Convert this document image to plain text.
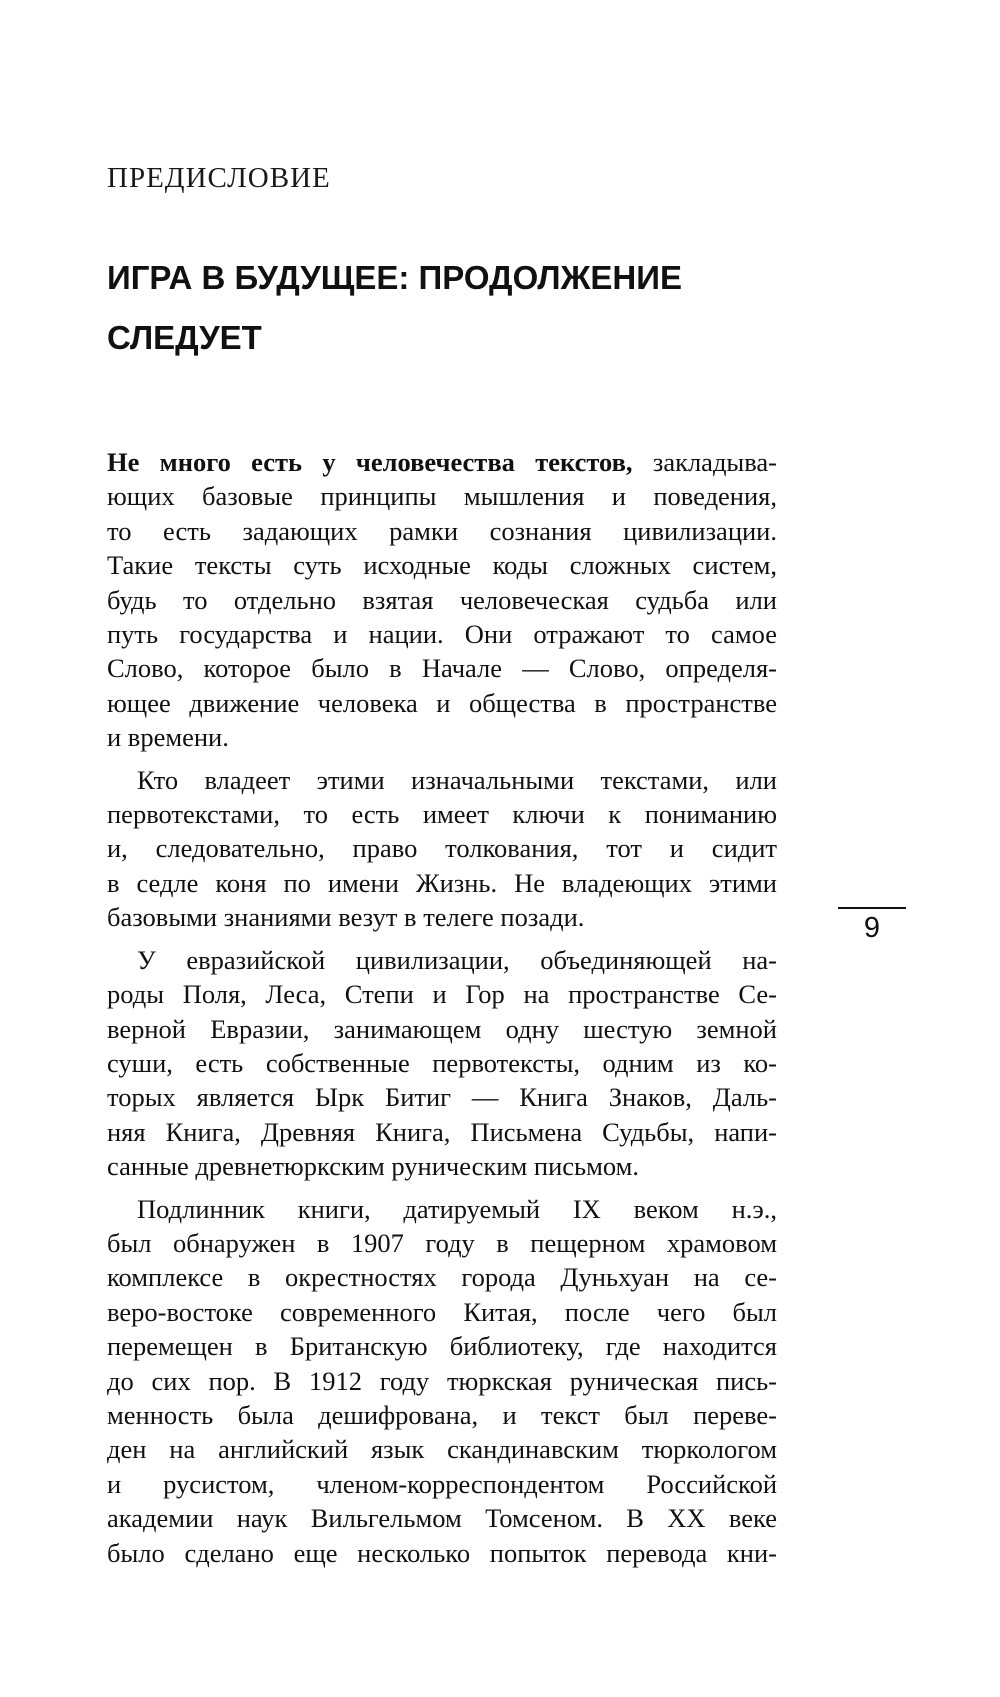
ПРЕДИСЛОВИЕ
ИГРА В БУДУЩЕЕ: ПРОДОЛЖЕНИЕ
СЛЕДУЕТ

Не много есть у человечества текстов, закладыва-
ющих базовые принципы мышления и поведения,
то есть задающих рамки сознания цивилизации.
Такие тексты суть исходные коды сложных систем,
будь то отдельно взятая человеческая судьба или
путь государства и нации. Они отражают то самое
Слово, которое было в Начале — Слово, определя-
ющее движение человека и общества в пространстве
и времени.

Кто владеет этими изначальными текстами, или
первотекстами, то есть имеет ключи к пониманию
и, следовательно, право толкования, тот и сидит
в седле коня по имени Жизнь. Не владеющих этими
базовыми знаниями везут в телеге позади.

У евразийской цивилизации, объединяющей на-
роды Поля, Леса, Степи и Гор на пространстве Се-
верной Евразии, занимающем одну шестую земной
суши, есть собственные первотексты, одним из ко-
торых является Ырк Битиг — Книга Знаков, Даль-
няя Книга, Древняя Книга, Письмена Судьбы, напи-
санные древнетюркским руническим письмом.

Подлинник книги, датируемый IX веком н.э.,
был обнаружен в 1907 году в пещерном храмовом
комплексе в окрестностях города Дуньхуан на се-
веро-востоке современного Китая, после чего был
перемещен в Британскую библиотеку, где находится
до сих пор. В 1912 году тюркская руническая пись-
менность была дешифрована, и текст был переве-
ден на английский язык скандинавским тюркологом
и русистом, членом-корреспондентом Российской
академии наук Вильгельмом Томсеном. В XX веке
было сделано еще несколько попыток перевода кни-

9
